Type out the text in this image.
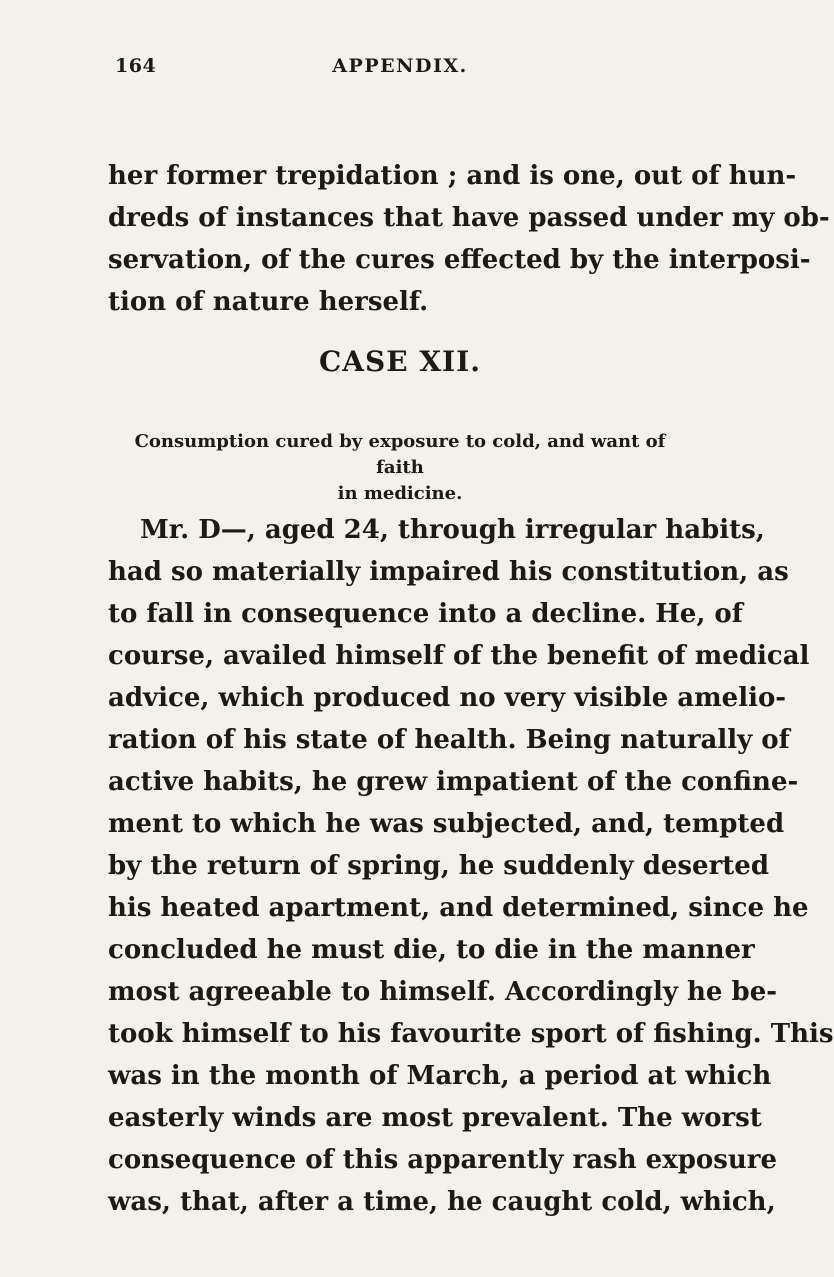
164	APPENDIX.
her former trepidation ; and is one, out of hun-
dreds of instances that have passed under my ob-
servation, of the cures effected by the interposi-
tion of nature herself.
CASE XII.
Consumption cured by exposure to cold, and want of faith
in medicine.
Mr. D—, aged 24, through irregular habits,
had so materially impaired his constitution, as
to fall in consequence into a decline. He, of
course, availed himself of the benefit of medical
advice, which produced no very visible amelio-
ration of his state of health. Being naturally of
active habits, he grew impatient of the confine-
ment to which he was subjected, and, tempted
by the return of spring, he suddenly deserted
his heated apartment, and determined, since he
concluded he must die, to die in the manner
most agreeable to himself. Accordingly he be-
took himself to his favourite sport of fishing. This
was in the month of March, a period at which
easterly winds are most prevalent. The worst
consequence of this apparently rash exposure
was, that, after a time, he caught cold, which,
